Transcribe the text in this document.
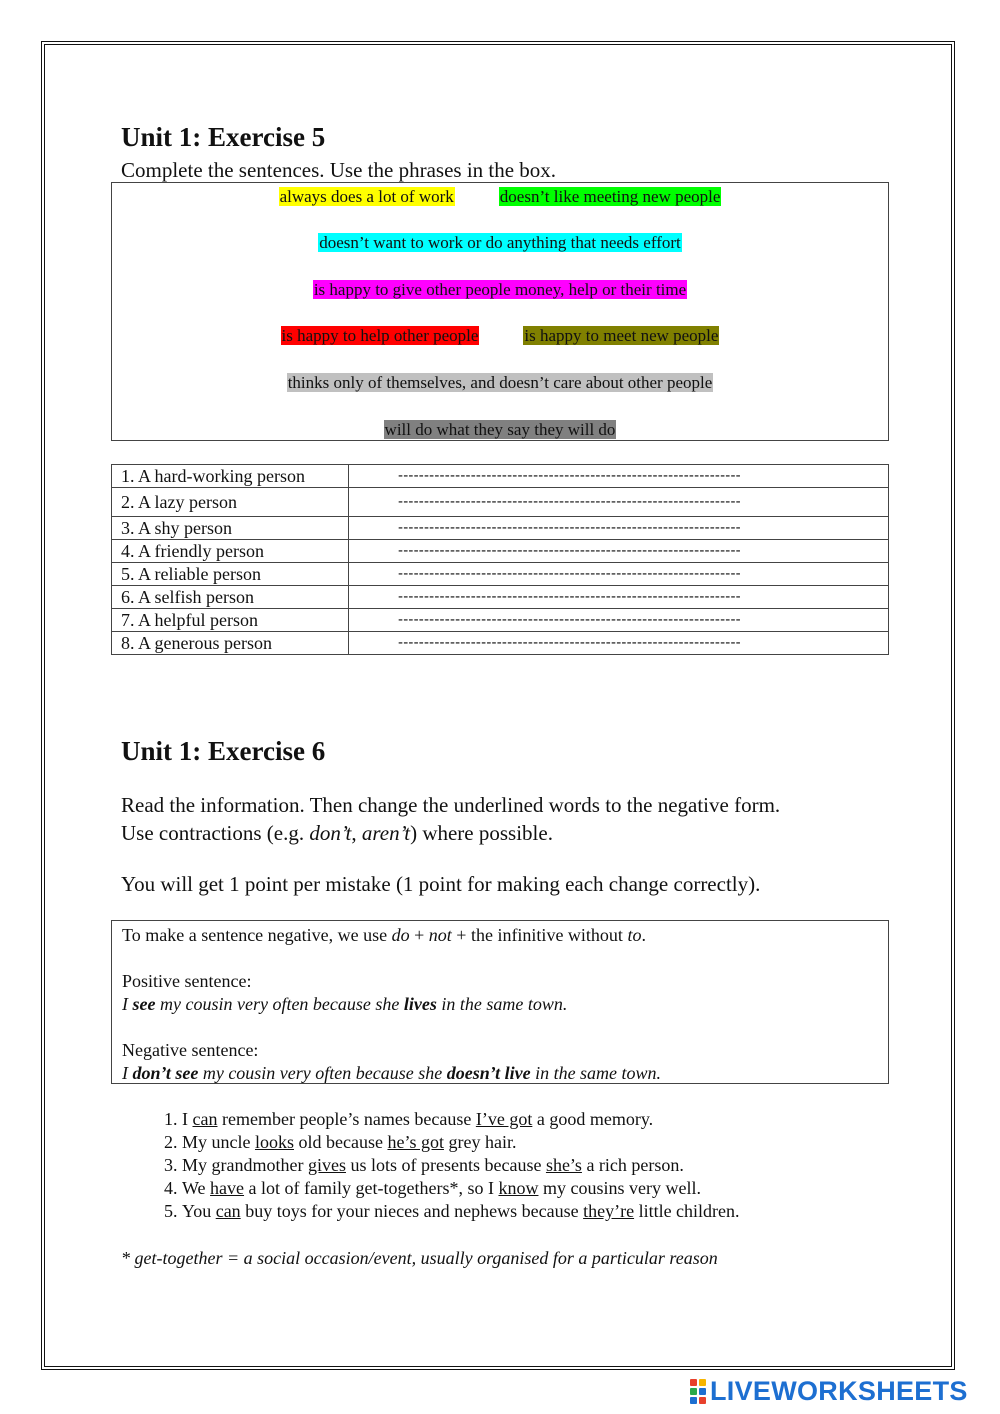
Unit 1: Exercise 5
Complete the sentences. Use the phrases in the box.
always does a lot of work	doesn’t like meeting new people
doesn’t want to work or do anything that needs effort
is happy to give other people money, help or their time
is happy to help other people	is happy to meet new people
thinks only of themselves, and doesn’t care about other people
will do what they say they will do
1. A hard-working person	------------------------------------------------------------------
2. A lazy person	------------------------------------------------------------------
3. A shy person	------------------------------------------------------------------
4. A friendly person	------------------------------------------------------------------
5. A reliable person	------------------------------------------------------------------
6. A selfish person	------------------------------------------------------------------
7. A helpful person	------------------------------------------------------------------
8. A generous person	------------------------------------------------------------------
Unit 1: Exercise 6
Read the information. Then change the underlined words to the negative form.
Use contractions (e.g. don’t, aren’t) where possible.
You will get 1 point per mistake (1 point for making each change correctly).

To make a sentence negative, we use do + not + the infinitive without to.

Positive sentence:

I see my cousin very often because she lives in the same town.

Negative sentence:

I don’t see my cousin very often because she doesn’t live in the same town.

1. I can remember people’s names because I’ve got a good memory.
2. My uncle looks old because he’s got grey hair.
3. My grandmother gives us lots of presents because she’s a rich person.
4. We have a lot of family get-togethers*, so I know my cousins very well.
5. You can buy toys for your nieces and nephews because they’re little children.
* get-together = a social occasion/event, usually organised for a particular reason
LIVEWORKSHEETS
